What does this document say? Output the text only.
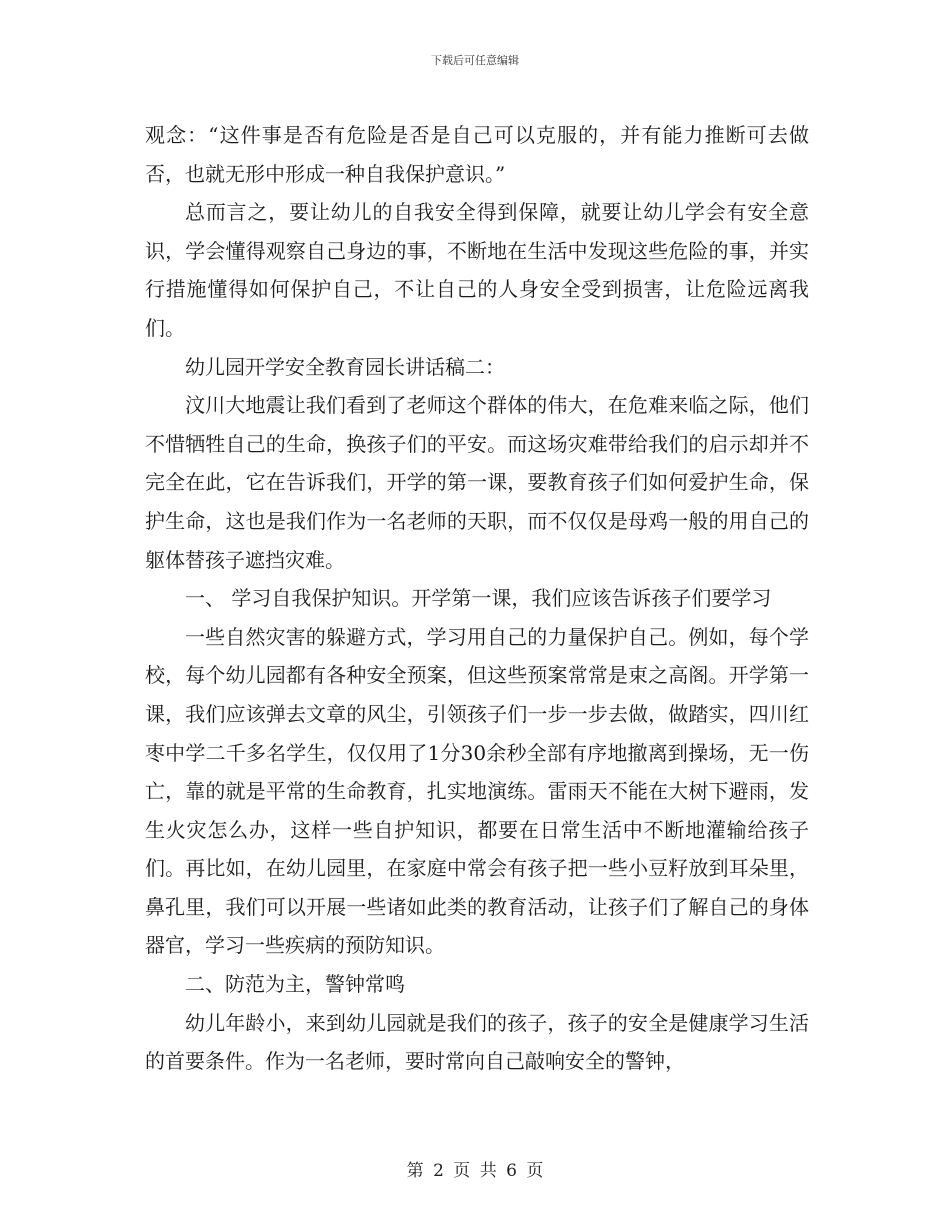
下载后可任意编辑

观念：“这件事是否有危险是否是自己可以克服的，并有能力推断可去做否，也就无形中形成一种自我保护意识。”

总而言之，要让幼儿的自我安全得到保障，就要让幼儿学会有安全意识，学会懂得观察自己身边的事，不断地在生活中发现这些危险的事，并实行措施懂得如何保护自己，不让自己的人身安全受到损害，让危险远离我们。

幼儿园开学安全教育园长讲话稿二：

汶川大地震让我们看到了老师这个群体的伟大，在危难来临之际，他们不惜牺牲自己的生命，换孩子们的平安。而这场灾难带给我们的启示却并不完全在此，它在告诉我们，开学的第一课，要教育孩子们如何爱护生命，保护生命，这也是我们作为一名老师的天职，而不仅仅是母鸡一般的用自己的躯体替孩子遮挡灾难。

一、 学习自我保护知识。开学第一课，我们应该告诉孩子们要学习

一些自然灾害的躲避方式，学习用自己的力量保护自己。例如，每个学校，每个幼儿园都有各种安全预案，但这些预案常常是束之高阁。开学第一课，我们应该弹去文章的风尘，引领孩子们一步一步去做，做踏实，四川红枣中学二千多名学生，仅仅用了1分30余秒全部有序地撤离到操场，无一伤亡，靠的就是平常的生命教育，扎实地演练。雷雨天不能在大树下避雨，发生火灾怎么办，这样一些自护知识，都要在日常生活中不断地灌输给孩子们。再比如，在幼儿园里，在家庭中常会有孩子把一些小豆籽放到耳朵里，鼻孔里，我们可以开展一些诸如此类的教育活动，让孩子们了解自己的身体器官，学习一些疾病的预防知识。

二、防范为主，警钟常鸣

幼儿年龄小，来到幼儿园就是我们的孩子，孩子的安全是健康学习生活的首要条件。作为一名老师，要时常向自己敲响安全的警钟，

第 2 页 共 6 页
